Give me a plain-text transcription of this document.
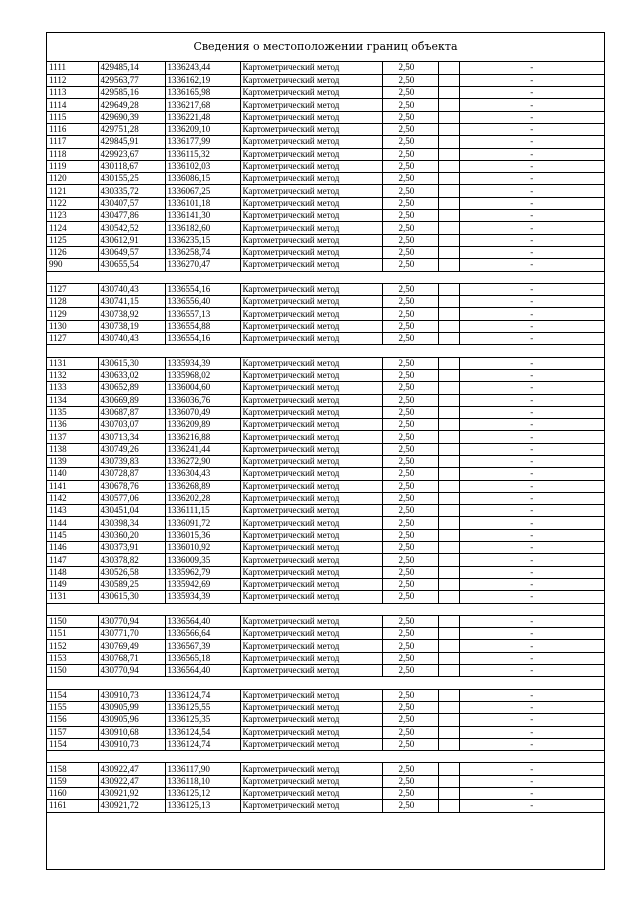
Сведения о местоположении границ объекта
1111	429485,14	1336243,44	Картометрический метод	2,50		-
1112	429563,77	1336162,19	Картометрический метод	2,50		-
1113	429585,16	1336165,98	Картометрический метод	2,50		-
1114	429649,28	1336217,68	Картометрический метод	2,50		-
1115	429690,39	1336221,48	Картометрический метод	2,50		-
1116	429751,28	1336209,10	Картометрический метод	2,50		-
1117	429845,91	1336177,99	Картометрический метод	2,50		-
1118	429923,67	1336115,32	Картометрический метод	2,50		-
1119	430118,67	1336102,03	Картометрический метод	2,50		-
1120	430155,25	1336086,15	Картометрический метод	2,50		-
1121	430335,72	1336067,25	Картометрический метод	2,50		-
1122	430407,57	1336101,18	Картометрический метод	2,50		-
1123	430477,86	1336141,30	Картометрический метод	2,50		-
1124	430542,52	1336182,60	Картометрический метод	2,50		-
1125	430612,91	1336235,15	Картометрический метод	2,50		-
1126	430649,57	1336258,74	Картометрический метод	2,50		-
990	430655,54	1336270,47	Картометрический метод	2,50		-

1127	430740,43	1336554,16	Картометрический метод	2,50		-
1128	430741,15	1336556,40	Картометрический метод	2,50		-
1129	430738,92	1336557,13	Картометрический метод	2,50		-
1130	430738,19	1336554,88	Картометрический метод	2,50		-
1127	430740,43	1336554,16	Картометрический метод	2,50		-

1131	430615,30	1335934,39	Картометрический метод	2,50		-
1132	430633,02	1335968,02	Картометрический метод	2,50		-
1133	430652,89	1336004,60	Картометрический метод	2,50		-
1134	430669,89	1336036,76	Картометрический метод	2,50		-
1135	430687,87	1336070,49	Картометрический метод	2,50		-
1136	430703,07	1336209,89	Картометрический метод	2,50		-
1137	430713,34	1336216,88	Картометрический метод	2,50		-
1138	430749,26	1336241,44	Картометрический метод	2,50		-
1139	430739,83	1336272,90	Картометрический метод	2,50		-
1140	430728,87	1336304,43	Картометрический метод	2,50		-
1141	430678,76	1336268,89	Картометрический метод	2,50		-
1142	430577,06	1336202,28	Картометрический метод	2,50		-
1143	430451,04	1336111,15	Картометрический метод	2,50		-
1144	430398,34	1336091,72	Картометрический метод	2,50		-
1145	430360,20	1336015,36	Картометрический метод	2,50		-
1146	430373,91	1336010,92	Картометрический метод	2,50		-
1147	430378,82	1336009,35	Картометрический метод	2,50		-
1148	430526,58	1335962,79	Картометрический метод	2,50		-
1149	430589,25	1335942,69	Картометрический метод	2,50		-
1131	430615,30	1335934,39	Картометрический метод	2,50		-

1150	430770,94	1336564,40	Картометрический метод	2,50		-
1151	430771,70	1336566,64	Картометрический метод	2,50		-
1152	430769,49	1336567,39	Картометрический метод	2,50		-
1153	430768,71	1336565,18	Картометрический метод	2,50		-
1150	430770,94	1336564,40	Картометрический метод	2,50		-

1154	430910,73	1336124,74	Картометрический метод	2,50		-
1155	430905,99	1336125,55	Картометрический метод	2,50		-
1156	430905,96	1336125,35	Картометрический метод	2,50		-
1157	430910,68	1336124,54	Картометрический метод	2,50		-
1154	430910,73	1336124,74	Картометрический метод	2,50		-

1158	430922,47	1336117,90	Картометрический метод	2,50		-
1159	430922,47	1336118,10	Картометрический метод	2,50		-
1160	430921,92	1336125,12	Картометрический метод	2,50		-
1161	430921,72	1336125,13	Картометрический метод	2,50		-
